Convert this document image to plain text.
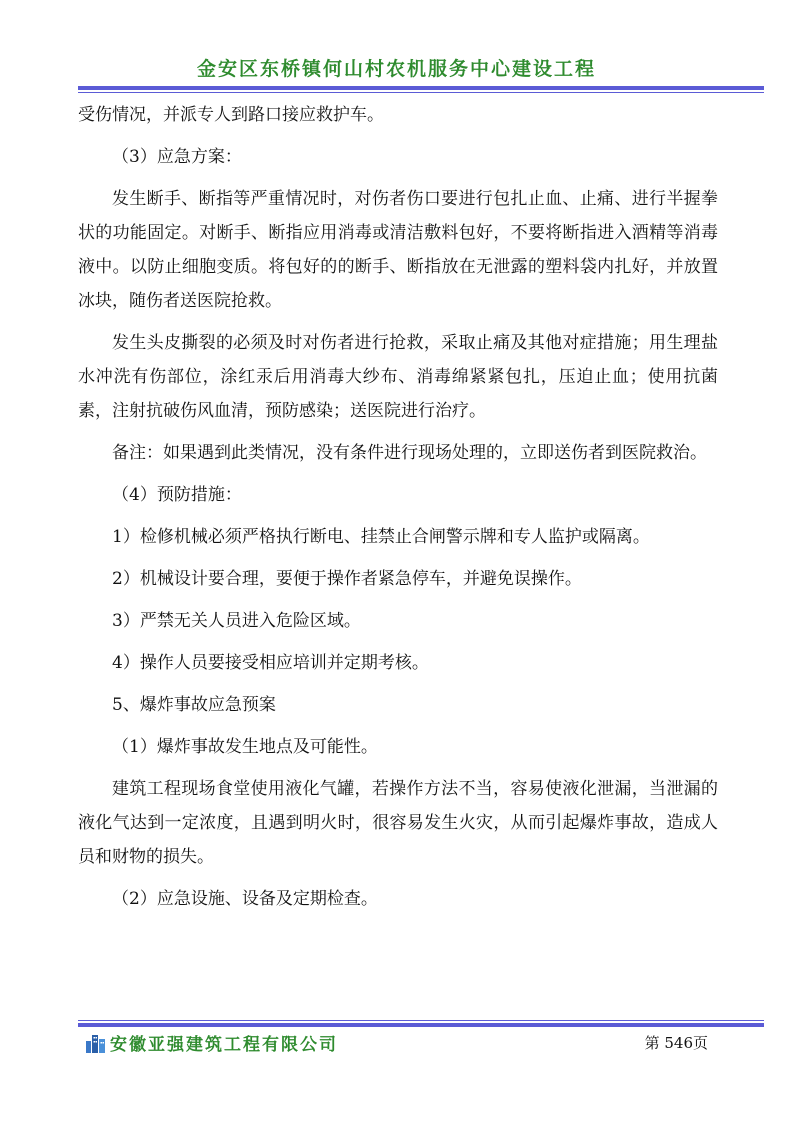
金安区东桥镇何山村农机服务中心建设工程

受伤情况，并派专人到路口接应救护车。

（3）应急方案：

发生断手、断指等严重情况时，对伤者伤口要进行包扎止血、止痛、进行半握拳状的功能固定。对断手、断指应用消毒或清洁敷料包好，不要将断指进入酒精等消毒液中。以防止细胞变质。将包好的的断手、断指放在无泄露的塑料袋内扎好，并放置冰块，随伤者送医院抢救。

发生头皮撕裂的必须及时对伤者进行抢救，采取止痛及其他对症措施；用生理盐水冲洗有伤部位，涂红汞后用消毒大纱布、消毒绵紧紧包扎，压迫止血；使用抗菌素，注射抗破伤风血清，预防感染；送医院进行治疗。

备注：如果遇到此类情况，没有条件进行现场处理的，立即送伤者到医院救治。

（4）预防措施：

1）检修机械必须严格执行断电、挂禁止合闸警示牌和专人监护或隔离。

2）机械设计要合理，要便于操作者紧急停车，并避免误操作。

3）严禁无关人员进入危险区域。

4）操作人员要接受相应培训并定期考核。

5、爆炸事故应急预案

（1）爆炸事故发生地点及可能性。

建筑工程现场食堂使用液化气罐，若操作方法不当，容易使液化泄漏，当泄漏的液化气达到一定浓度，且遇到明火时，很容易发生火灾，从而引起爆炸事故，造成人员和财物的损失。

（2）应急设施、设备及定期检查。

安徽亚强建筑工程有限公司	第 546页
